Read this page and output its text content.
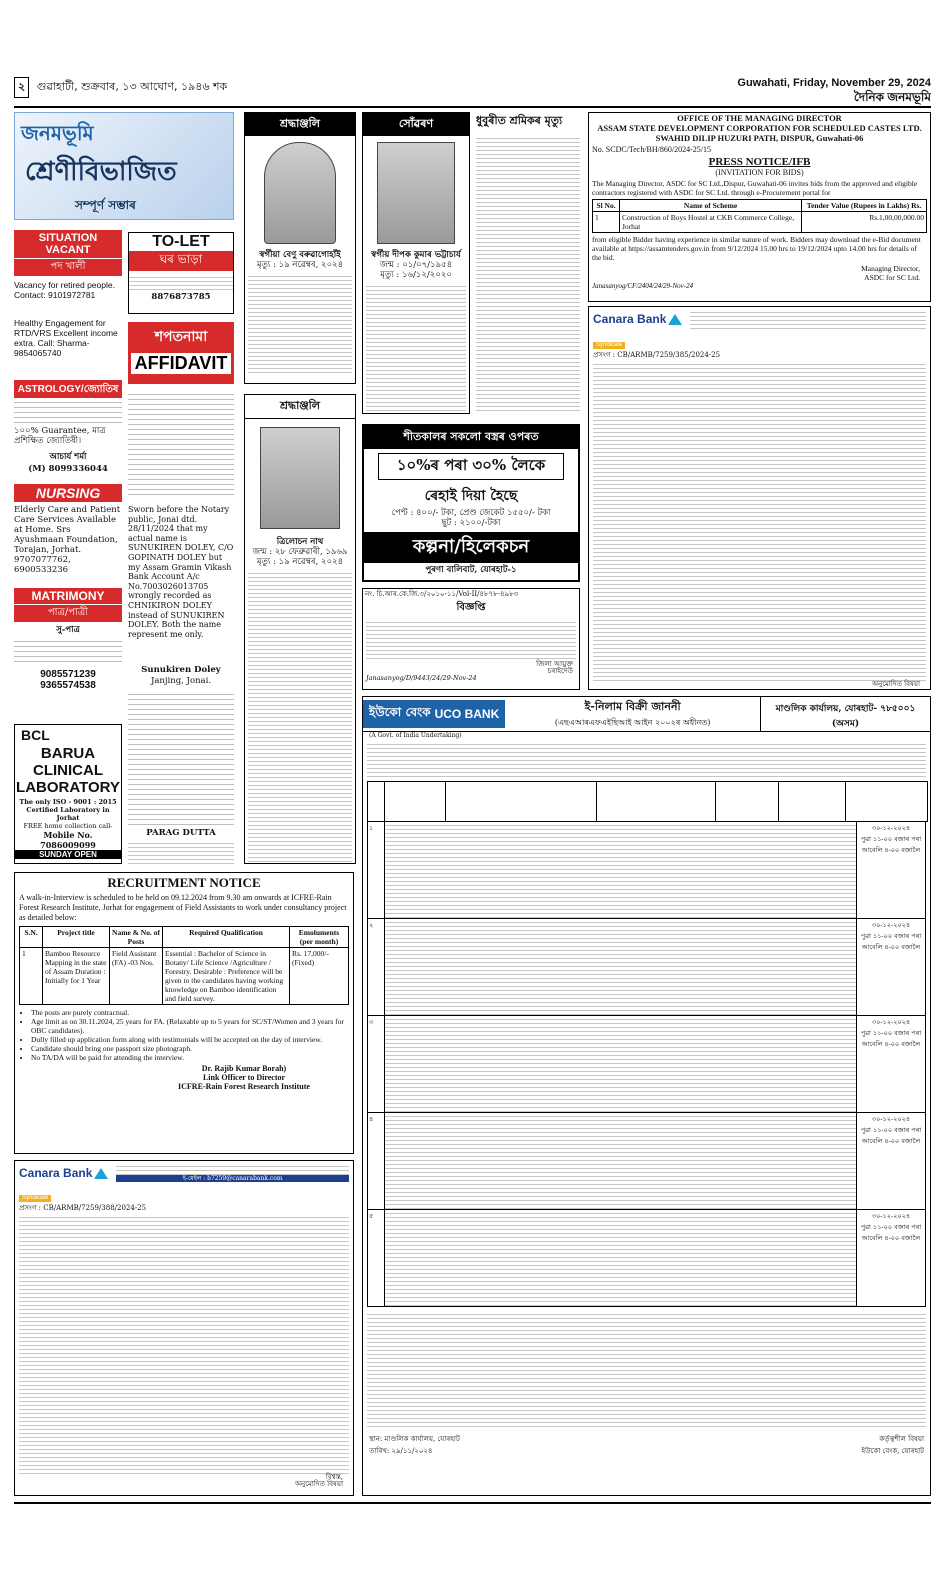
২ গুৱাহাটী, শুক্ৰবাৰ, ১৩ আঘোণ, ১৯৪৬ শক	Guwahati, Friday, November 29, 2024
দৈনিক জনমভূমি
জনমভূমি
শ্ৰেণীবিভাজিত
সম্পূৰ্ণ সম্ভাৰ
SITUATION VACANT
পদ খালী
Vacancy for retired people. Contact: 9101972781
Healthy Engagement for RTD/VRS Excellent income extra. Call: Sharma- 9854065740
ASTROLOGY/জ্যোতিষ
১০০% Guarantee, মাত্ৰ প্ৰশিক্ষিত জ্যোতিষী।
আচাৰ্য শৰ্মা
(M) 8099336044
NURSING
Elderly Care and Patient Care Services Available at Home. Srs Ayushmaan Foundation, Torajan, Jorhat. 9707077762, 6900533236
MATRIMONY
পাত্ৰ/পাত্ৰী
সু-পাত্ৰ
9085571239 9365574538
BCL
BARUA
CLINICAL
LABORATORY
The only ISO - 9001 : 2015 Certified Laboratory in Jorhat
FREE home collection call-
Mobile No. 7086009099
SUNDAY OPEN
TO-LET
ঘৰ ভাড়া
8876873785
শপতনামা
AFFIDAVIT
Sworn before the Notary public, Jonai dtd. 28/11/2024 that my actual name is SUNUKIREN DOLEY, C/O GOPINATH DOLEY but my Assam Gramin Vikash Bank Account A/c No.7003026013705 wrongly recorded as CHNIKIRON DOLEY instead of SUNUKIREN DOLEY. Both the name represent me only.
Sunukiren Doley
Janjing, Jonai.
PARAG DUTTA
শ্ৰদ্ধাঞ্জলি
স্বৰ্গীয়া বেণু বৰুৱাগোহাঁই
মৃত্যু : ১৯ নৱেম্বৰ, ২০২৪
শ্ৰদ্ধাঞ্জলি
ত্ৰিলোচন নাথ
জন্ম : ২৮ ফেব্ৰুৱাৰী, ১৯৬৯
মৃত্যু : ১৯ নৱেম্বৰ, ২০২৪
সোঁৱৰণ
স্বৰ্গীয় দীপক কুমাৰ ভট্টাচাৰ্য
জন্ম : ০১/০৭/১৯৫৪
মৃত্যু : ১৬/১২/২০২০
ধুবুৰীত শ্ৰমিকৰ মৃত্যু
শীতকালৰ সকলো বস্ত্ৰৰ ওপৰত
১০%ৰ পৰা ৩০% লৈকে
ৰেহাই দিয়া হৈছে
পেণ্ট : ৪০০/- টকা, প্ৰেণ্ড জেকেট ১৫৫০/- টকা
ছুট : ২১০০/-টকা
কল্পনা/হিলেকচন
পুৰণা বালিবাট, যোৰহাট-১
নং. চি.আৰ.কে.জি.৩/২০১০-১১/Vol-II/৪৮৭৮-৪৯৮৩
বিজ্ঞপ্তি
জিলা আয়ুক্ত
চৰাইদেউ
Janasanyog/D/9443/24/29-Nov-24
OFFICE OF THE MANAGING DIRECTOR
ASSAM STATE DEVELOPMENT CORPORATION FOR SCHEDULED CASTES LTD.
SWAHID DILIP HUZURI PATH, DISPUR, Guwahati-06
No. SCDC/Tech/BH/860/2024-25/15
PRESS NOTICE/IFB
(INVITATION FOR BIDS)
The Managing Director, ASDC for SC Ltd.,Dispur, Guwahati-06 invites bids from the approved and eligible contractors registered with ASDC for SC Ltd. through e-Procurement portal for
Sl No.	Name of Scheme	Tender Value (Rupees in Lakhs) Rs.
1	Construction of Boys Hostel at CKB Commerce College, Jorhat	Rs.1,00,00,000.00
from eligible Bidder having experience in similar nature of work. Bidders may download the e-Bid document available at https://assamtenders.gov.in from 9/12/2024 15.00 hrs to 19/12/2024 upto 14.00 hrs for details of the bid.
Managing Director,
ASDC for SC Ltd.
Janasanyog/CF/2404/24/29-Nov-24
Canara Bank
Syndicate
প্ৰসংগ : CB/ARMB/7259/385/2024-25
অনুমোদিত বিষয়া
ইউকো বেংক UCO BANK
ই-নিলাম বিক্ৰী জাননী
(এছএআৰএফএইছিআই আইন ২০০২ৰ অধীনত)
মাণ্ডলিক কাৰ্যালয়, যোৰহাট- ৭৮৫০০১ (অসম)
(A Govt. of India Undertaking)

১	৩০-১২-২০২৪
পুৱা ১১-০০ বজাৰ পৰা আবেলি ৪-০০ বজালৈ
২	৩০-১২-২০২৪
পুৱা ১১-০০ বজাৰ পৰা আবেলি ৪-০০ বজালৈ
৩	৩০-১২-২০২৪
পুৱা ১১-০০ বজাৰ পৰা আবেলি ৪-০০ বজালৈ
৪	৩০-১২-২০২৪
পুৱা ১১-০০ বজাৰ পৰা আবেলি ৪-০০ বজালৈ
৫	৩০-১২-২০২৪
পুৱা ১১-০০ বজাৰ পৰা আবেলি ৪-০০ বজালৈ
স্থান: মাণ্ডলিক কাৰ্যালয়, যোৰহাট
তাৰিখ: ২৯/১১/২০২৪
কৰ্তৃত্বশীল বিষয়া
ইউকো বেংক, যোৰহাট
RECRUITMENT NOTICE
A walk-in-Interview is scheduled to be held on 09.12.2024 from 9.30 am onwards at ICFRE-Rain Forest Research Institute, Jorhat for engagement of Field Assistants to work under consultancy project as detailed below:
S.N.	Project title	Name & No. of Posts	Required Qualification	Emoluments (per month)
1	Bamboo Resource Mapping in the state of Assam Duration : Initially for 1 Year	Field Assistant (FA) -03 Nos.	Essential : Bachelor of Science in Botany/ Life Science /Agriculture / Forestry. Desirable : Preference will be given to the candidates having working knowledge on Bamboo identification and field survey.	Rs. 17,000/- (Fixed)
• The posts are purely contractual.
• Age limit as on 30.11.2024, 25 years for FA. (Relaxable up to 5 years for SC/ST/Women and 3 years for OBC candidates).
• Dully filled up application form along with testimonials will be accepted on the day of interview.
• Candidate should bring one passport size photograph.
• No TA/DA will be paid for attending the interview.
Dr. Rajib Kumar Borah)
Link Officer to Director
ICFRE-Rain Forest Research Institute
Canara Bank	ই-মেইল : b7259@canarabank.com
Syndicate
প্ৰসংগ : CB/ARMB/7259/388/2024-25
বিশ্বস্ত,
অনুমোদিত বিষয়া
